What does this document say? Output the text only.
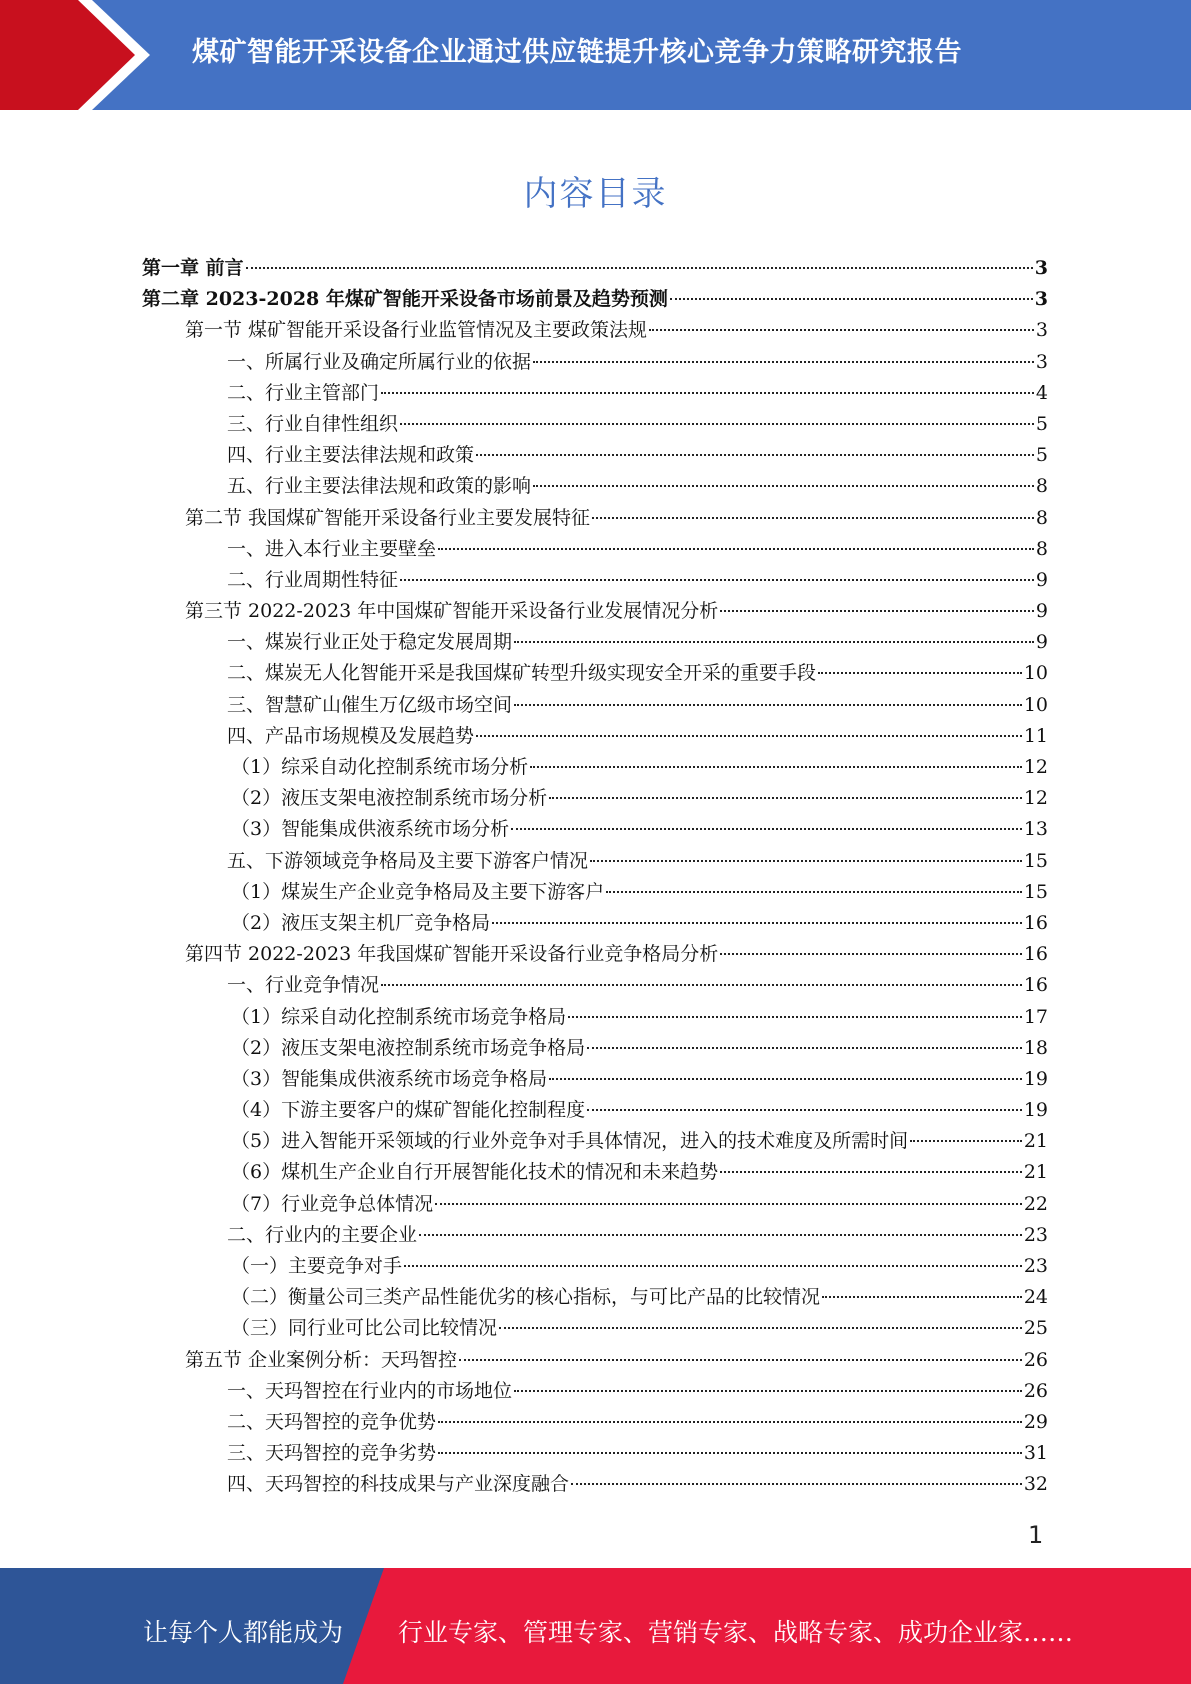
煤矿智能开采设备企业通过供应链提升核心竞争力策略研究报告
内容目录
第一章 前言	3
第二章 2023-2028 年煤矿智能开采设备市场前景及趋势预测	3
第一节 煤矿智能开采设备行业监管情况及主要政策法规	3
一、所属行业及确定所属行业的依据	3
二、行业主管部门	4
三、行业自律性组织	5
四、行业主要法律法规和政策	5
五、行业主要法律法规和政策的影响	8
第二节 我国煤矿智能开采设备行业主要发展特征	8
一、进入本行业主要壁垒	8
二、行业周期性特征	9
第三节 2022-2023 年中国煤矿智能开采设备行业发展情况分析	9
一、煤炭行业正处于稳定发展周期	9
二、煤炭无人化智能开采是我国煤矿转型升级实现安全开采的重要手段	10
三、智慧矿山催生万亿级市场空间	10
四、产品市场规模及发展趋势	11
（1）综采自动化控制系统市场分析	12
（2）液压支架电液控制系统市场分析	12
（3）智能集成供液系统市场分析	13
五、下游领域竞争格局及主要下游客户情况	15
（1）煤炭生产企业竞争格局及主要下游客户	15
（2）液压支架主机厂竞争格局	16
第四节 2022-2023 年我国煤矿智能开采设备行业竞争格局分析	16
一、行业竞争情况	16
（1）综采自动化控制系统市场竞争格局	17
（2）液压支架电液控制系统市场竞争格局	18
（3）智能集成供液系统市场竞争格局	19
（4）下游主要客户的煤矿智能化控制程度	19
（5）进入智能开采领域的行业外竞争对手具体情况，进入的技术难度及所需时间	21
（6）煤机生产企业自行开展智能化技术的情况和未来趋势	21
（7）行业竞争总体情况	22
二、行业内的主要企业	23
（一）主要竞争对手	23
（二）衡量公司三类产品性能优劣的核心指标，与可比产品的比较情况	24
（三）同行业可比公司比较情况	25
第五节 企业案例分析：天玛智控	26
一、天玛智控在行业内的市场地位	26
二、天玛智控的竞争优势	29
三、天玛智控的竞争劣势	31
四、天玛智控的科技成果与产业深度融合	32
1
让每个人都能成为 行业专家、管理专家、营销专家、战略专家、成功企业家……
